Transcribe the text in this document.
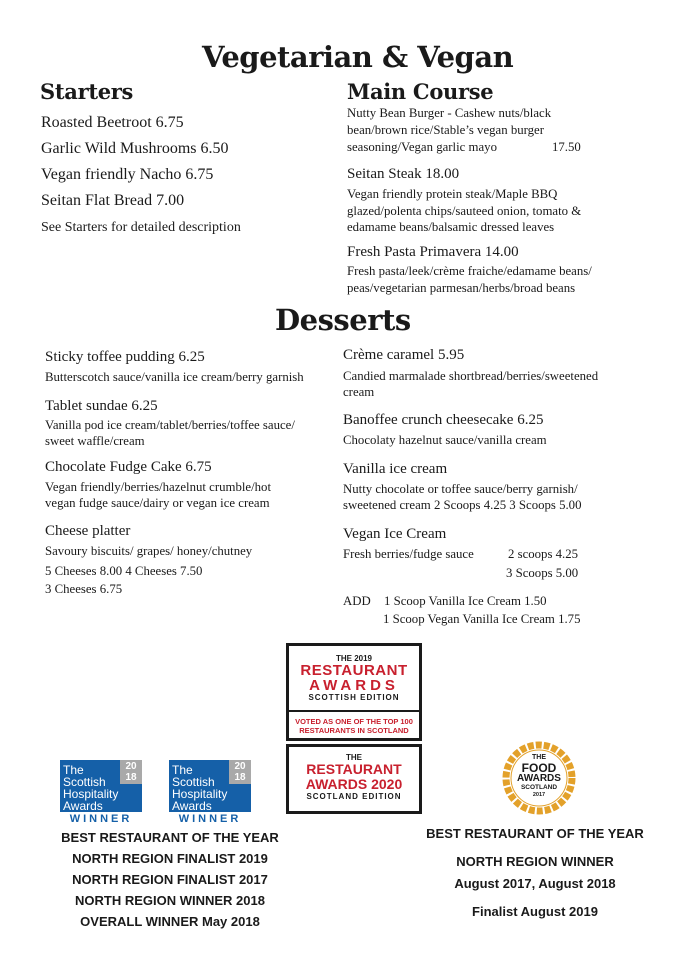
Vegetarian & Vegan
Starters
Roasted Beetroot 6.75
Garlic Wild Mushrooms 6.50
Vegan friendly Nacho 6.75
Seitan Flat Bread 7.00
See Starters for detailed description
Main Course
Nutty Bean Burger - Cashew nuts/black
bean/brown rice/Stable’s vegan burger
seasoning/Vegan garlic mayo	17.50
Seitan Steak 18.00
Vegan friendly protein steak/Maple BBQ
glazed/polenta chips/sauteed onion, tomato &
edamame beans/balsamic dressed leaves
Fresh Pasta Primavera 14.00
Fresh pasta/leek/crème fraiche/edamame beans/
peas/vegetarian parmesan/herbs/broad beans
Desserts
Sticky toffee pudding 6.25
Butterscotch sauce/vanilla ice cream/berry garnish
Tablet sundae 6.25
Vanilla pod ice cream/tablet/berries/toffee sauce/
sweet waffle/cream
Chocolate Fudge Cake 6.75
Vegan friendly/berries/hazelnut crumble/hot
vegan fudge sauce/dairy or vegan ice cream
Cheese platter
Savoury biscuits/ grapes/ honey/chutney
5 Cheeses 8.00 4 Cheeses 7.50
3 Cheeses 6.75
Crème caramel 5.95
Candied marmalade shortbread/berries/sweetened
cream
Banoffee crunch cheesecake 6.25
Chocolaty hazelnut sauce/vanilla cream
Vanilla ice cream
Nutty chocolate or toffee sauce/berry garnish/
sweetened cream 2 Scoops 4.25 3 Scoops 5.00
Vegan Ice Cream
Fresh berries/fudge sauce	2 scoops 4.25
3 Scoops 5.00
ADD 1 Scoop Vanilla Ice Cream 1.50
1 Scoop Vegan Vanilla Ice Cream 1.75
THE 2019
RESTAURANT
AWARDS
SCOTTISH EDITION
VOTED AS ONE OF THE TOP 100
RESTAURANTS IN SCOTLAND
THE
RESTAURANT
AWARDS 2020
SCOTLAND EDITION
The
Scottish
Hospitality
Awards
20
18
WINNER
The
Scottish
Hospitality
Awards
20
18
WINNER
THE
FOOD
AWARDS
SCOTLAND
2017
BEST RESTAURANT OF THE YEAR
NORTH REGION FINALIST 2019
NORTH REGION FINALIST 2017
NORTH REGION WINNER 2018
OVERALL WINNER May 2018
BEST RESTAURANT OF THE YEAR
NORTH REGION WINNER
August 2017, August 2018
Finalist August 2019
